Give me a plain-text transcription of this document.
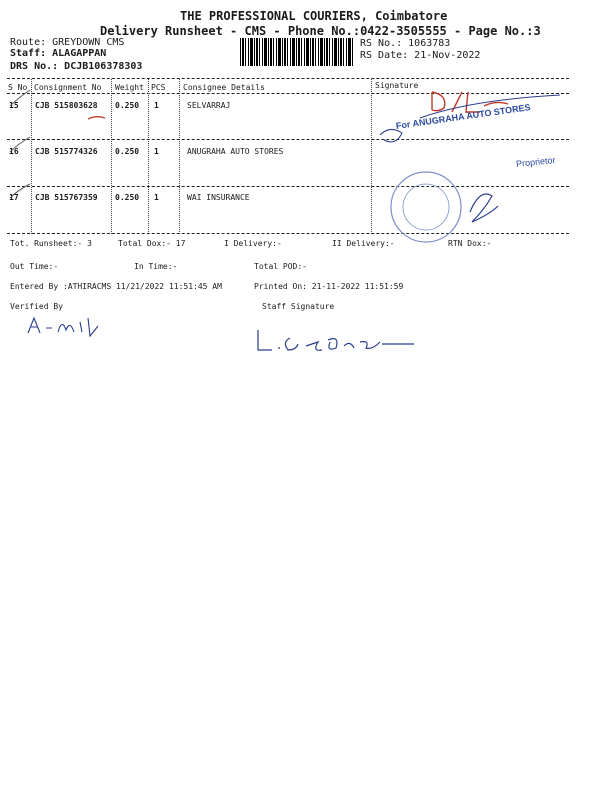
THE PROFESSIONAL COURIERS, Coimbatore
Delivery Runsheet - CMS - Phone No.:0422-3505555 - Page No.:3
Route: GREYDOWN CMS
Staff: ALAGAPPAN
DRS No.: DCJB106378303
RS No.: 1063783
RS Date: 21-Nov-2022
S No Consignment No Weight PCS Consignee Details	Signature
15 CJB 515803628 0.250 1	SELVARRAJ
16 CJB 515774326 0.250 1	ANUGRAHA AUTO STORES
17 CJB 515767359 0.250 1	WAI INSURANCE
For ANUGRAHA AUTO STORES
Proprietor
Tot. Runsheet:- 3	Total Dox:- 17	I Delivery:-	II Delivery:-	RTN Dox:-
Out Time:-	In Time:-	Total POD:-
Entered By :ATHIRACMS 11/21/2022 11:51:45 AM	Printed On: 21-11-2022 11:51:59
Verified By	Staff Signature
